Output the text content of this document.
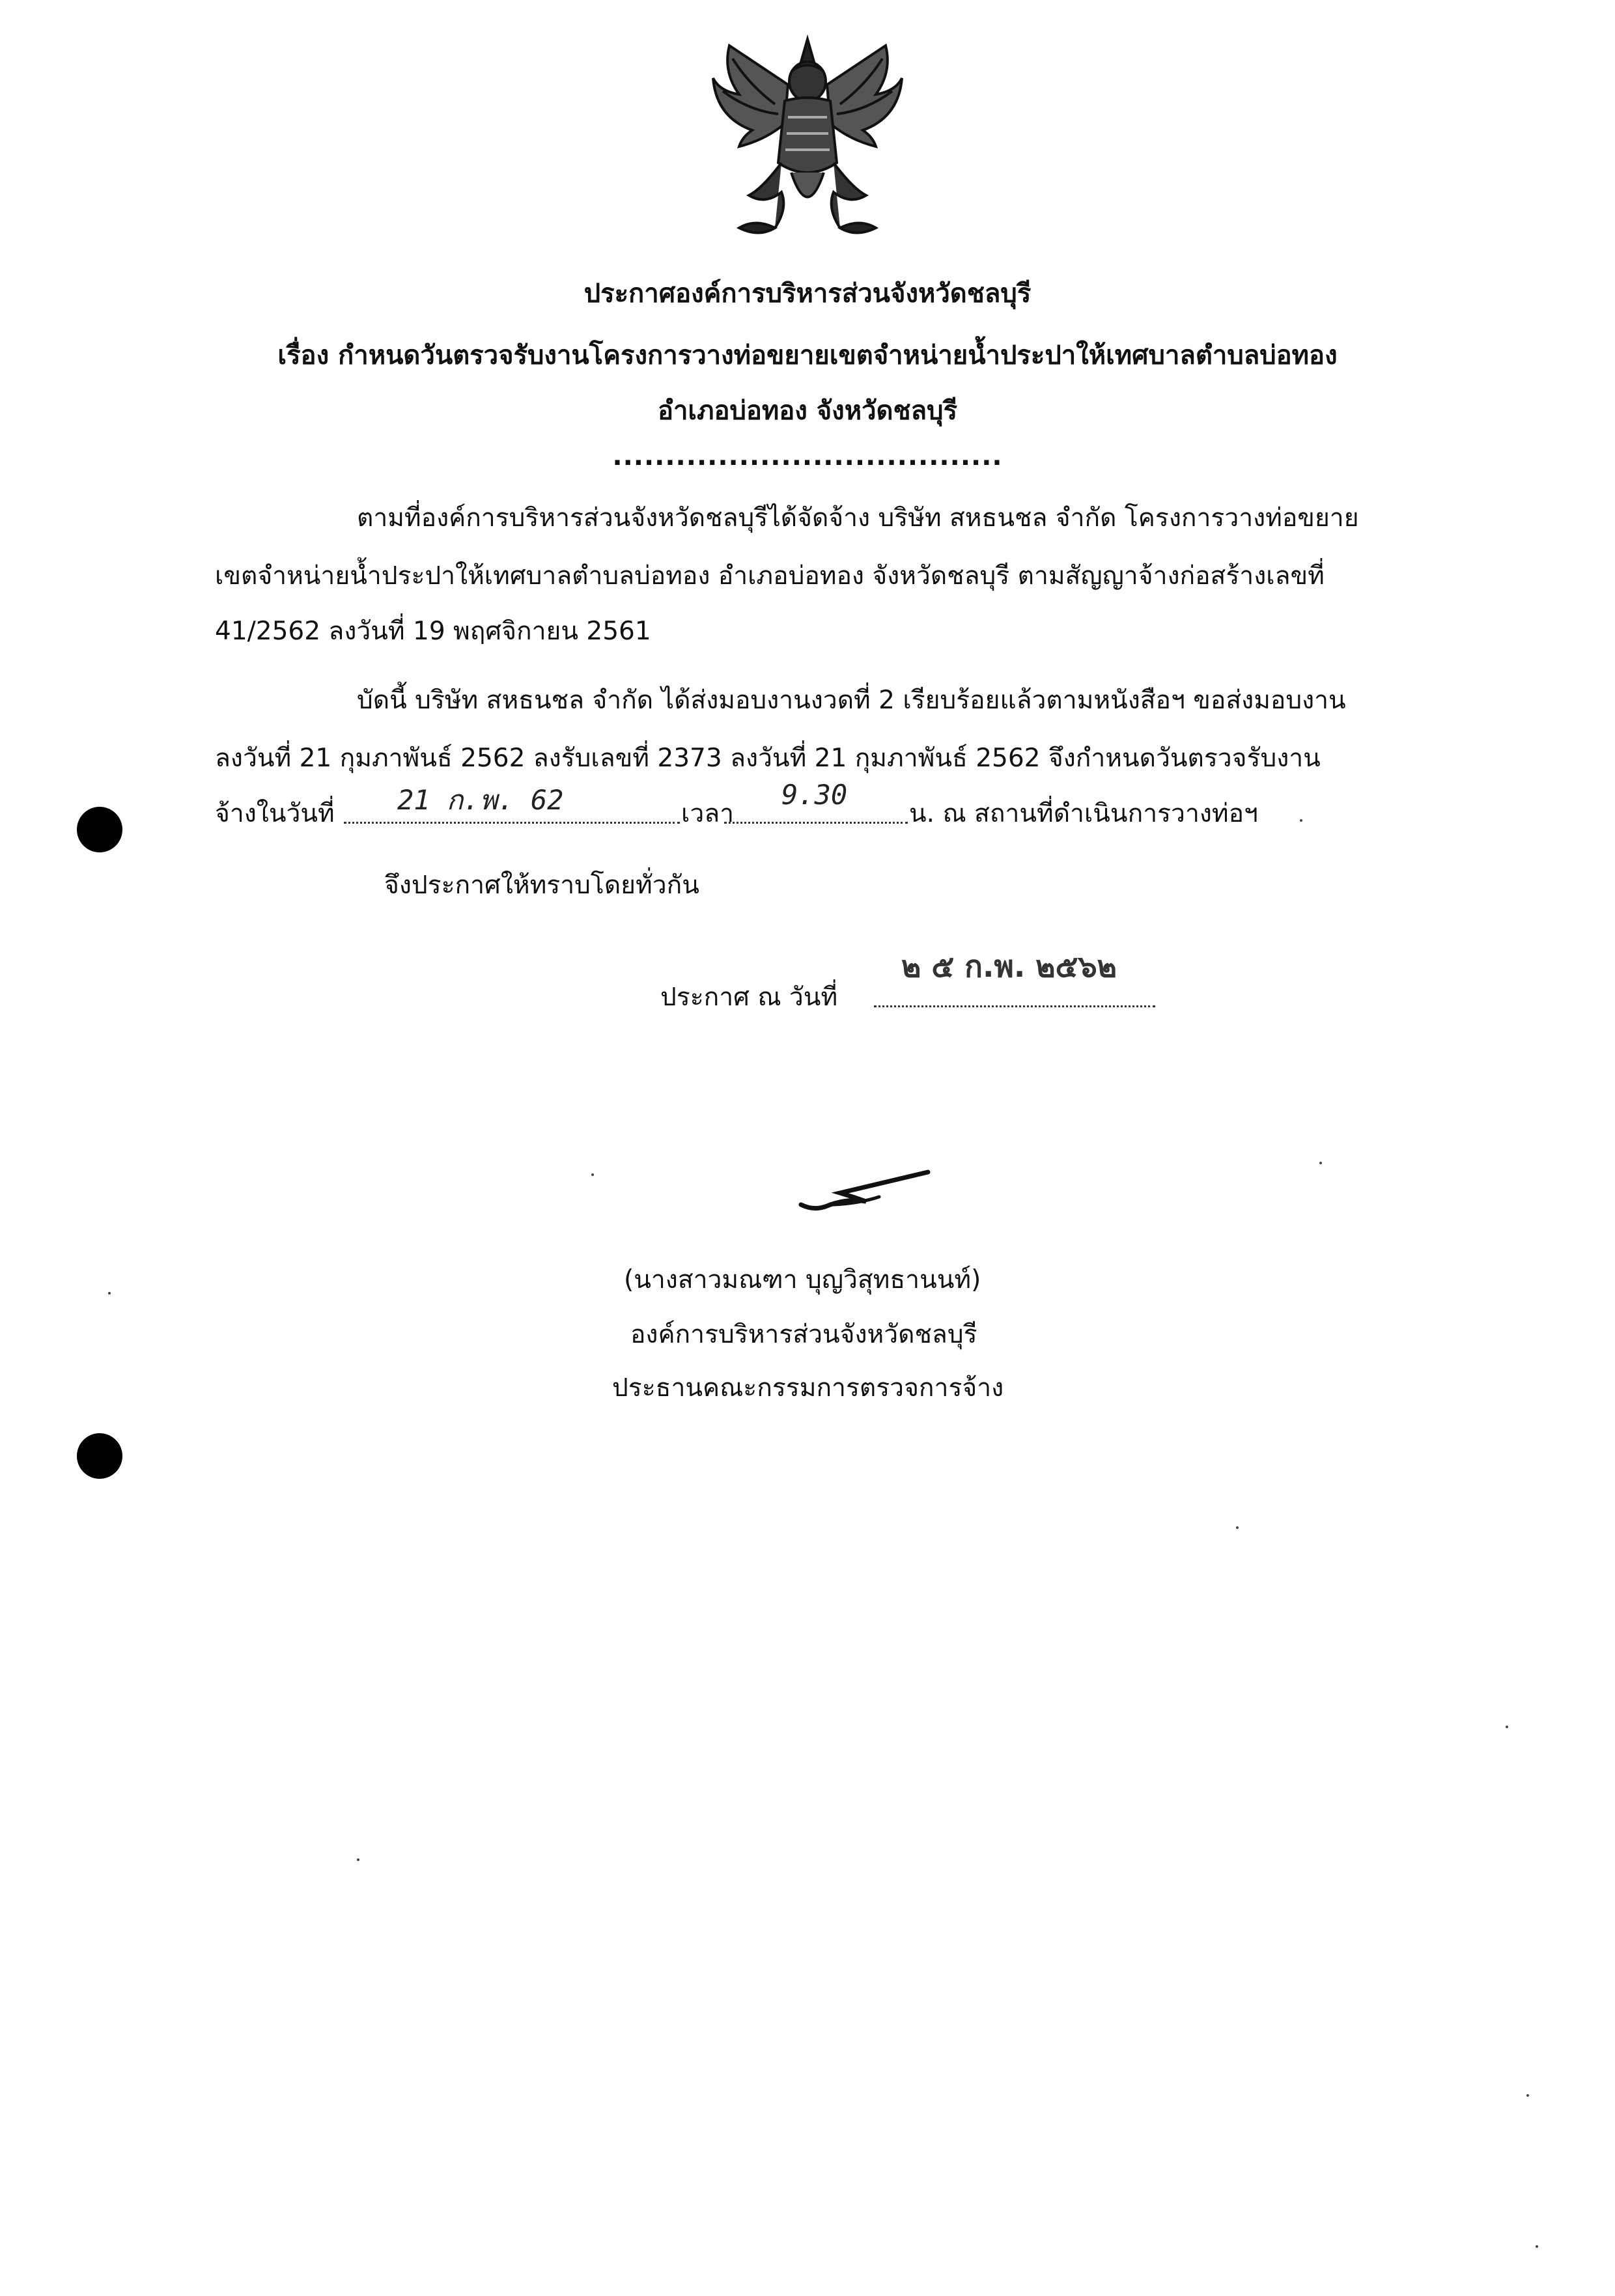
ประกาศองค์การบริหารส่วนจังหวัดชลบุรี
เรื่อง กำหนดวันตรวจรับงานโครงการวางท่อขยายเขตจำหน่ายน้ำประปาให้เทศบาลตำบลบ่อทอง
อำเภอบ่อทอง จังหวัดชลบุรี
.....................................
ตามที่องค์การบริหารส่วนจังหวัดชลบุรีได้จัดจ้าง บริษัท สหธนชล จำกัด โครงการวางท่อขยาย
เขตจำหน่ายน้ำประปาให้เทศบาลตำบลบ่อทอง อำเภอบ่อทอง จังหวัดชลบุรี ตามสัญญาจ้างก่อสร้างเลขที่
41/2562 ลงวันที่ 19 พฤศจิกายน 2561
บัดนี้ บริษัท สหธนชล จำกัด ได้ส่งมอบงานงวดที่ 2 เรียบร้อยแล้วตามหนังสือฯ ขอส่งมอบงาน
ลงวันที่ 21 กุมภาพันธ์ 2562 ลงรับเลขที่ 2373 ลงวันที่ 21 กุมภาพันธ์ 2562 จึงกำหนดวันตรวจรับงาน
จ้างในวันที่ 21 ก.พ. 62	เวลา
9.30
น. ณ สถานที่ดำเนินการวางท่อฯ
จึงประกาศให้ทราบโดยทั่วกัน
ประกาศ ณ วันที่
๒ ๕ ก.พ. ๒๕๖๒
(นางสาวมณฑา บุญวิสุทธานนท์)
องค์การบริหารส่วนจังหวัดชลบุรี
ประธานคณะกรรมการตรวจการจ้าง
